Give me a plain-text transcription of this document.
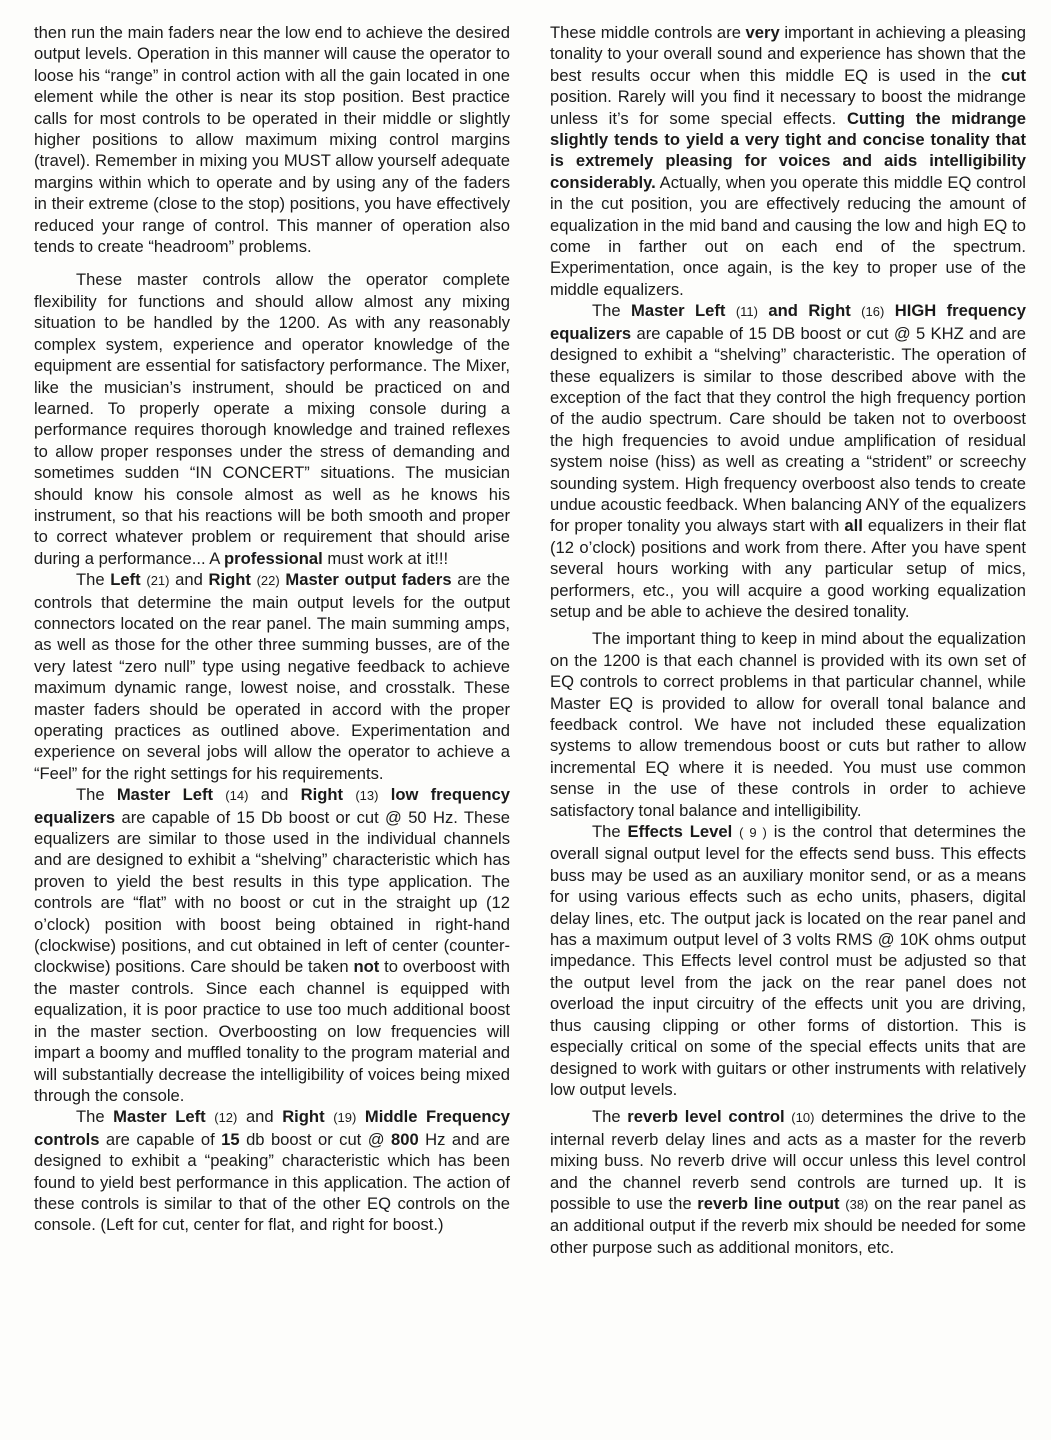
then run the main faders near the low end to achieve the desired output levels. Operation in this manner will cause the operator to loose his “range” in control action with all the gain located in one element while the other is near its stop position. Best practice calls for most controls to be operated in their middle or slightly higher positions to allow maximum mixing control margins (travel). Remember in mixing you MUST allow yourself adequate margins within which to operate and by using any of the faders in their extreme (close to the stop) positions, you have effectively reduced your range of control. This manner of operation also tends to create “headroom” problems.

These master controls allow the operator complete flexibility for functions and should allow almost any mixing situation to be handled by the 1200. As with any reasonably complex system, experience and operator knowledge of the equipment are essential for satisfactory performance. The Mixer, like the musician’s instrument, should be practiced on and learned. To properly operate a mixing console during a performance requires thorough knowledge and trained reflexes to allow proper responses under the stress of demanding and sometimes sudden “IN CONCERT” situations. The musician should know his console almost as well as he knows his instrument, so that his reactions will be both smooth and proper to correct whatever problem or requirement that should arise during a performance... A professional must work at it!!!

The Left (21) and Right (22) Master output faders are the controls that determine the main output levels for the output connectors located on the rear panel. The main summing amps, as well as those for the other three summing busses, are of the very latest “zero null” type using negative feedback to achieve maximum dynamic range, lowest noise, and crosstalk. These master faders should be operated in accord with the proper operating practices as outlined above. Experimentation and experience on several jobs will allow the operator to achieve a “Feel” for the right settings for his requirements.

The Master Left (14) and Right (13) low frequency equalizers are capable of 15 Db boost or cut @ 50 Hz. These equalizers are similar to those used in the individual channels and are designed to exhibit a “shelving” characteristic which has proven to yield the best results in this type application. The controls are “flat” with no boost or cut in the straight up (12 o’clock) position with boost being obtained in right-hand (clockwise) positions, and cut obtained in left of center (counter-clockwise) positions. Care should be taken not to overboost with the master controls. Since each channel is equipped with equalization, it is poor practice to use too much additional boost in the master section. Overboosting on low frequencies will impart a boomy and muffled tonality to the program material and will substantially decrease the intelligibility of voices being mixed through the console.

The Master Left (12) and Right (19) Middle Frequency controls are capable of 15 db boost or cut @ 800 Hz and are designed to exhibit a “peaking” characteristic which has been found to yield best performance in this application. The action of these controls is similar to that of the other EQ controls on the console. (Left for cut, center for flat, and right for boost.)

These middle controls are very important in achieving a pleasing tonality to your overall sound and experience has shown that the best results occur when this middle EQ is used in the cut position. Rarely will you find it necessary to boost the midrange unless it’s for some special effects. Cutting the midrange slightly tends to yield a very tight and concise tonality that is extremely pleasing for voices and aids intelligibility considerably. Actually, when you operate this middle EQ control in the cut position, you are effectively reducing the amount of equalization in the mid band and causing the low and high EQ to come in farther out on each end of the spectrum. Experimentation, once again, is the key to proper use of the middle equalizers.

The Master Left (11) and Right (16) HIGH frequency equalizers are capable of 15 DB boost or cut @ 5 KHZ and are designed to exhibit a “shelving” characteristic. The operation of these equalizers is similar to those described above with the exception of the fact that they control the high frequency portion of the audio spectrum. Care should be taken not to overboost the high frequencies to avoid undue amplification of residual system noise (hiss) as well as creating a “strident” or screechy sounding system. High frequency overboost also tends to create undue acoustic feedback. When balancing ANY of the equalizers for proper tonality you always start with all equalizers in their flat (12 o’clock) positions and work from there. After you have spent several hours working with any particular setup of mics, performers, etc., you will acquire a good working equalization setup and be able to achieve the desired tonality.

The important thing to keep in mind about the equalization on the 1200 is that each channel is provided with its own set of EQ controls to correct problems in that particular channel, while Master EQ is provided to allow for overall tonal balance and feedback control. We have not included these equalization systems to allow tremendous boost or cuts but rather to allow incremental EQ where it is needed. You must use common sense in the use of these controls in order to achieve satisfactory tonal balance and intelligibility.

The Effects Level ( 9 ) is the control that determines the overall signal output level for the effects send buss. This effects buss may be used as an auxiliary monitor send, or as a means for using various effects such as echo units, phasers, digital delay lines, etc. The output jack is located on the rear panel and has a maximum output level of 3 volts RMS @ 10K ohms output impedance. This Effects level control must be adjusted so that the output level from the jack on the rear panel does not overload the input circuitry of the effects unit you are driving, thus causing clipping or other forms of distortion. This is especially critical on some of the special effects units that are designed to work with guitars or other instruments with relatively low output levels.

The reverb level control (10) determines the drive to the internal reverb delay lines and acts as a master for the reverb mixing buss. No reverb drive will occur unless this level control and the channel reverb send controls are turned up. It is possible to use the reverb line output (38) on the rear panel as an additional output if the reverb mix should be needed for some other purpose such as additional monitors, etc.
